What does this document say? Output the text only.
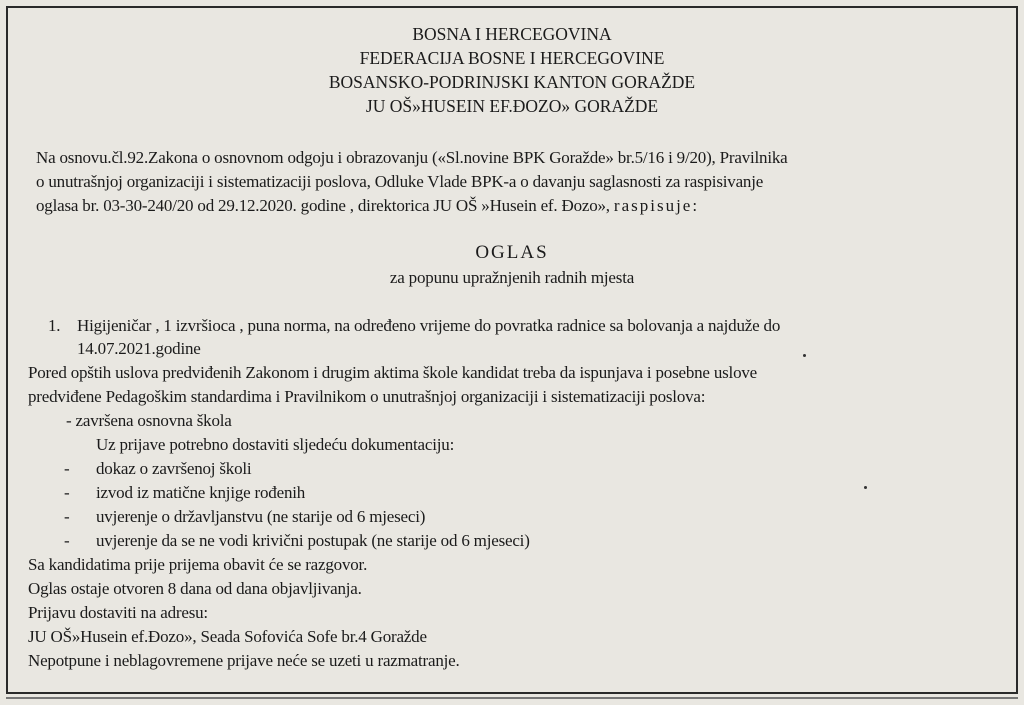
BOSNA I HERCEGOVINA
FEDERACIJA BOSNE I HERCEGOVINE
BOSANSKO-PODRINJSKI KANTON GORAŽDE
JU OŠ»HUSEIN EF.ĐOZO» GORAŽDE
Na osnovu.čl.92.Zakona o osnovnom odgoju i obrazovanju («Sl.novine BPK Goražde» br.5/16 i 9/20), Pravilnika
o unutrašnjoj organizaciji i sistematizaciji poslova, Odluke Vlade BPK-a o davanju saglasnosti za raspisivanje
oglasa br. 03-30-240/20 od 29.12.2020. godine , direktorica JU OŠ »Husein ef. Đozo», raspisuje:
OGLAS
za popunu upražnjenih radnih mjesta
1. Higijeničar , 1 izvršioca , puna norma, na određeno vrijeme do povratka radnice sa bolovanja a najduže do
14.07.2021.godine
Pored opštih uslova predviđenih Zakonom i drugim aktima škole kandidat treba da ispunjava i posebne uslove
predviđene Pedagoškim standardima i Pravilnikom o unutrašnjoj organizaciji i sistematizaciji poslova:
- završena osnovna škola
Uz prijave potrebno dostaviti sljedeću dokumentaciju:
- dokaz o završenoj školi
- izvod iz matične knjige rođenih
- uvjerenje o državljanstvu (ne starije od 6 mjeseci)
- uvjerenje da se ne vodi krivični postupak (ne starije od 6 mjeseci)
Sa kandidatima prije prijema obavit će se razgovor.
Oglas ostaje otvoren 8 dana od dana objavljivanja.
Prijavu dostaviti na adresu:
JU OŠ»Husein ef.Đozo», Seada Sofovića Sofe br.4 Goražde
Nepotpune i neblagovremene prijave neće se uzeti u razmatranje.
